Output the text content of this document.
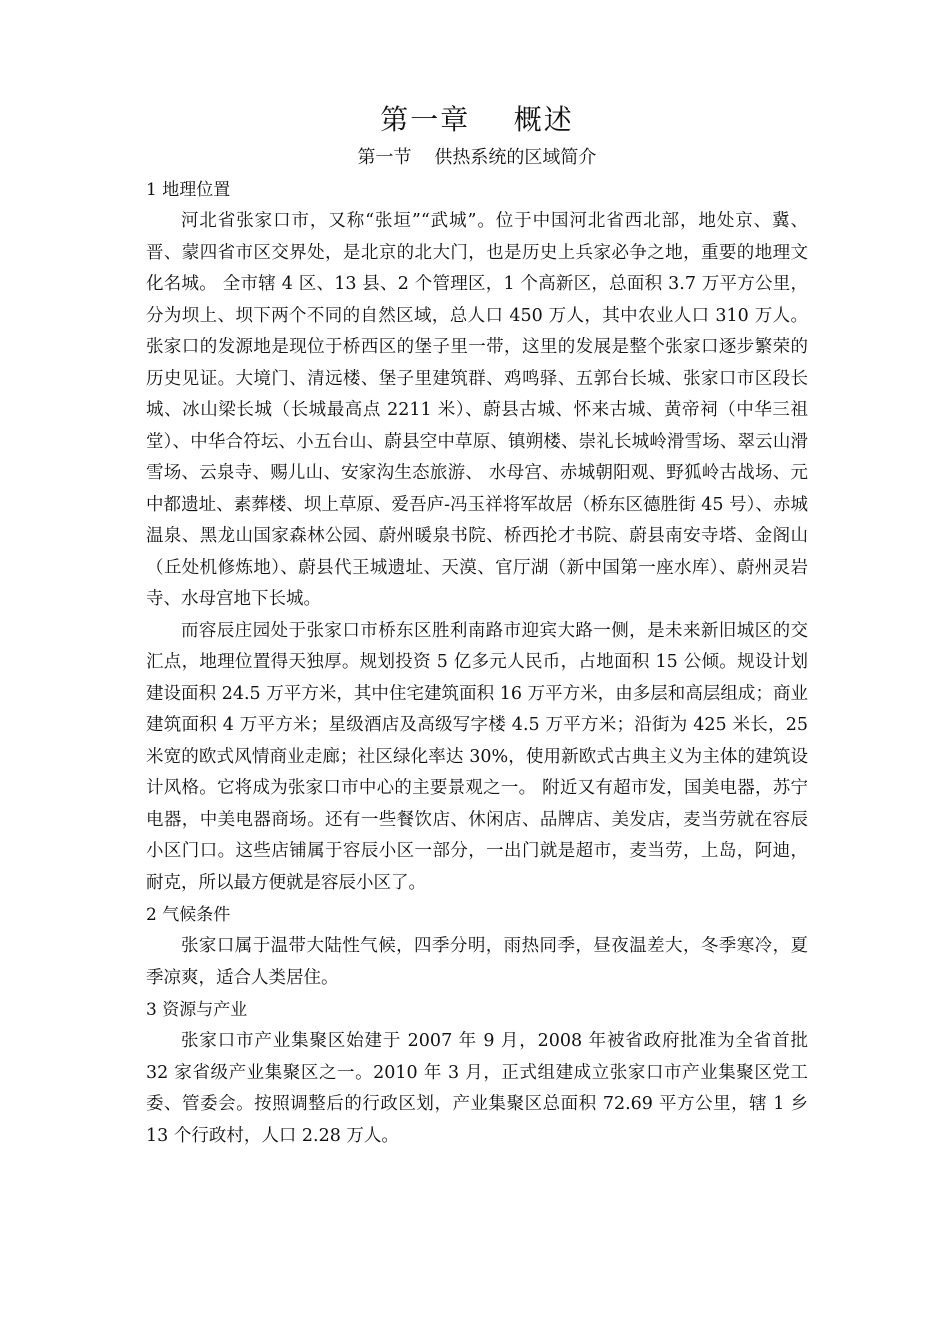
第一章    概述
第一节    供热系统的区域简介

1 地理位置

河北省张家口市，又称“张垣”“武城”。位于中国河北省西北部，地处京、冀、晋、蒙四省市区交界处，是北京的北大门，也是历史上兵家必争之地，重要的地理文化名城。 全市辖 4 区、13 县、2 个管理区，1 个高新区，总面积 3.7 万平方公里，分为坝上、坝下两个不同的自然区域，总人口 450 万人，其中农业人口 310 万人。张家口的发源地是现位于桥西区的堡子里一带，这里的发展是整个张家口逐步繁荣的历史见证。大境门、清远楼、堡子里建筑群、鸡鸣驿、五郭台长城、张家口市区段长城、冰山梁长城（长城最高点 2211 米）、蔚县古城、怀来古城、黄帝祠（中华三祖堂）、中华合符坛、小五台山、蔚县空中草原、镇朔楼、崇礼长城岭滑雪场、翠云山滑雪场、云泉寺、赐儿山、安家沟生态旅游、 水母宫、赤城朝阳观、野狐岭古战场、元中都遗址、素葬楼、坝上草原、爱吾庐-冯玉祥将军故居（桥东区德胜街 45 号）、赤城温泉、黑龙山国家森林公园、蔚州暖泉书院、桥西抡才书院、蔚县南安寺塔、金阁山（丘处机修炼地）、蔚县代王城遗址、天漠、官厅湖（新中国第一座水库）、蔚州灵岩寺、水母宫地下长城。

而容辰庄园处于张家口市桥东区胜利南路市迎宾大路一侧，是未来新旧城区的交汇点，地理位置得天独厚。规划投资 5 亿多元人民币，占地面积 15 公倾。规设计划建设面积 24.5 万平方米，其中住宅建筑面积 16 万平方米，由多层和高层组成；商业建筑面积 4 万平方米；星级酒店及高级写字楼 4.5 万平方米；沿街为 425 米长，25 米宽的欧式风情商业走廊；社区绿化率达 30%，使用新欧式古典主义为主体的建筑设计风格。它将成为张家口市中心的主要景观之一。 附近又有超市发，国美电器，苏宁电器，中美电器商场。还有一些餐饮店、休闲店、品牌店、美发店，麦当劳就在容辰小区门口。这些店铺属于容辰小区一部分，一出门就是超市，麦当劳，上岛，阿迪，耐克，所以最方便就是容辰小区了。

2 气候条件

张家口属于温带大陆性气候，四季分明，雨热同季，昼夜温差大，冬季寒冷，夏季凉爽，适合人类居住。

3 资源与产业

张家口市产业集聚区始建于 2007 年 9 月，2008 年被省政府批准为全省首批 32 家省级产业集聚区之一。2010 年 3 月，正式组建成立张家口市产业集聚区党工委、管委会。按照调整后的行政区划，产业集聚区总面积 72.69 平方公里，辖 1 乡 13 个行政村，人口 2.28 万人。
